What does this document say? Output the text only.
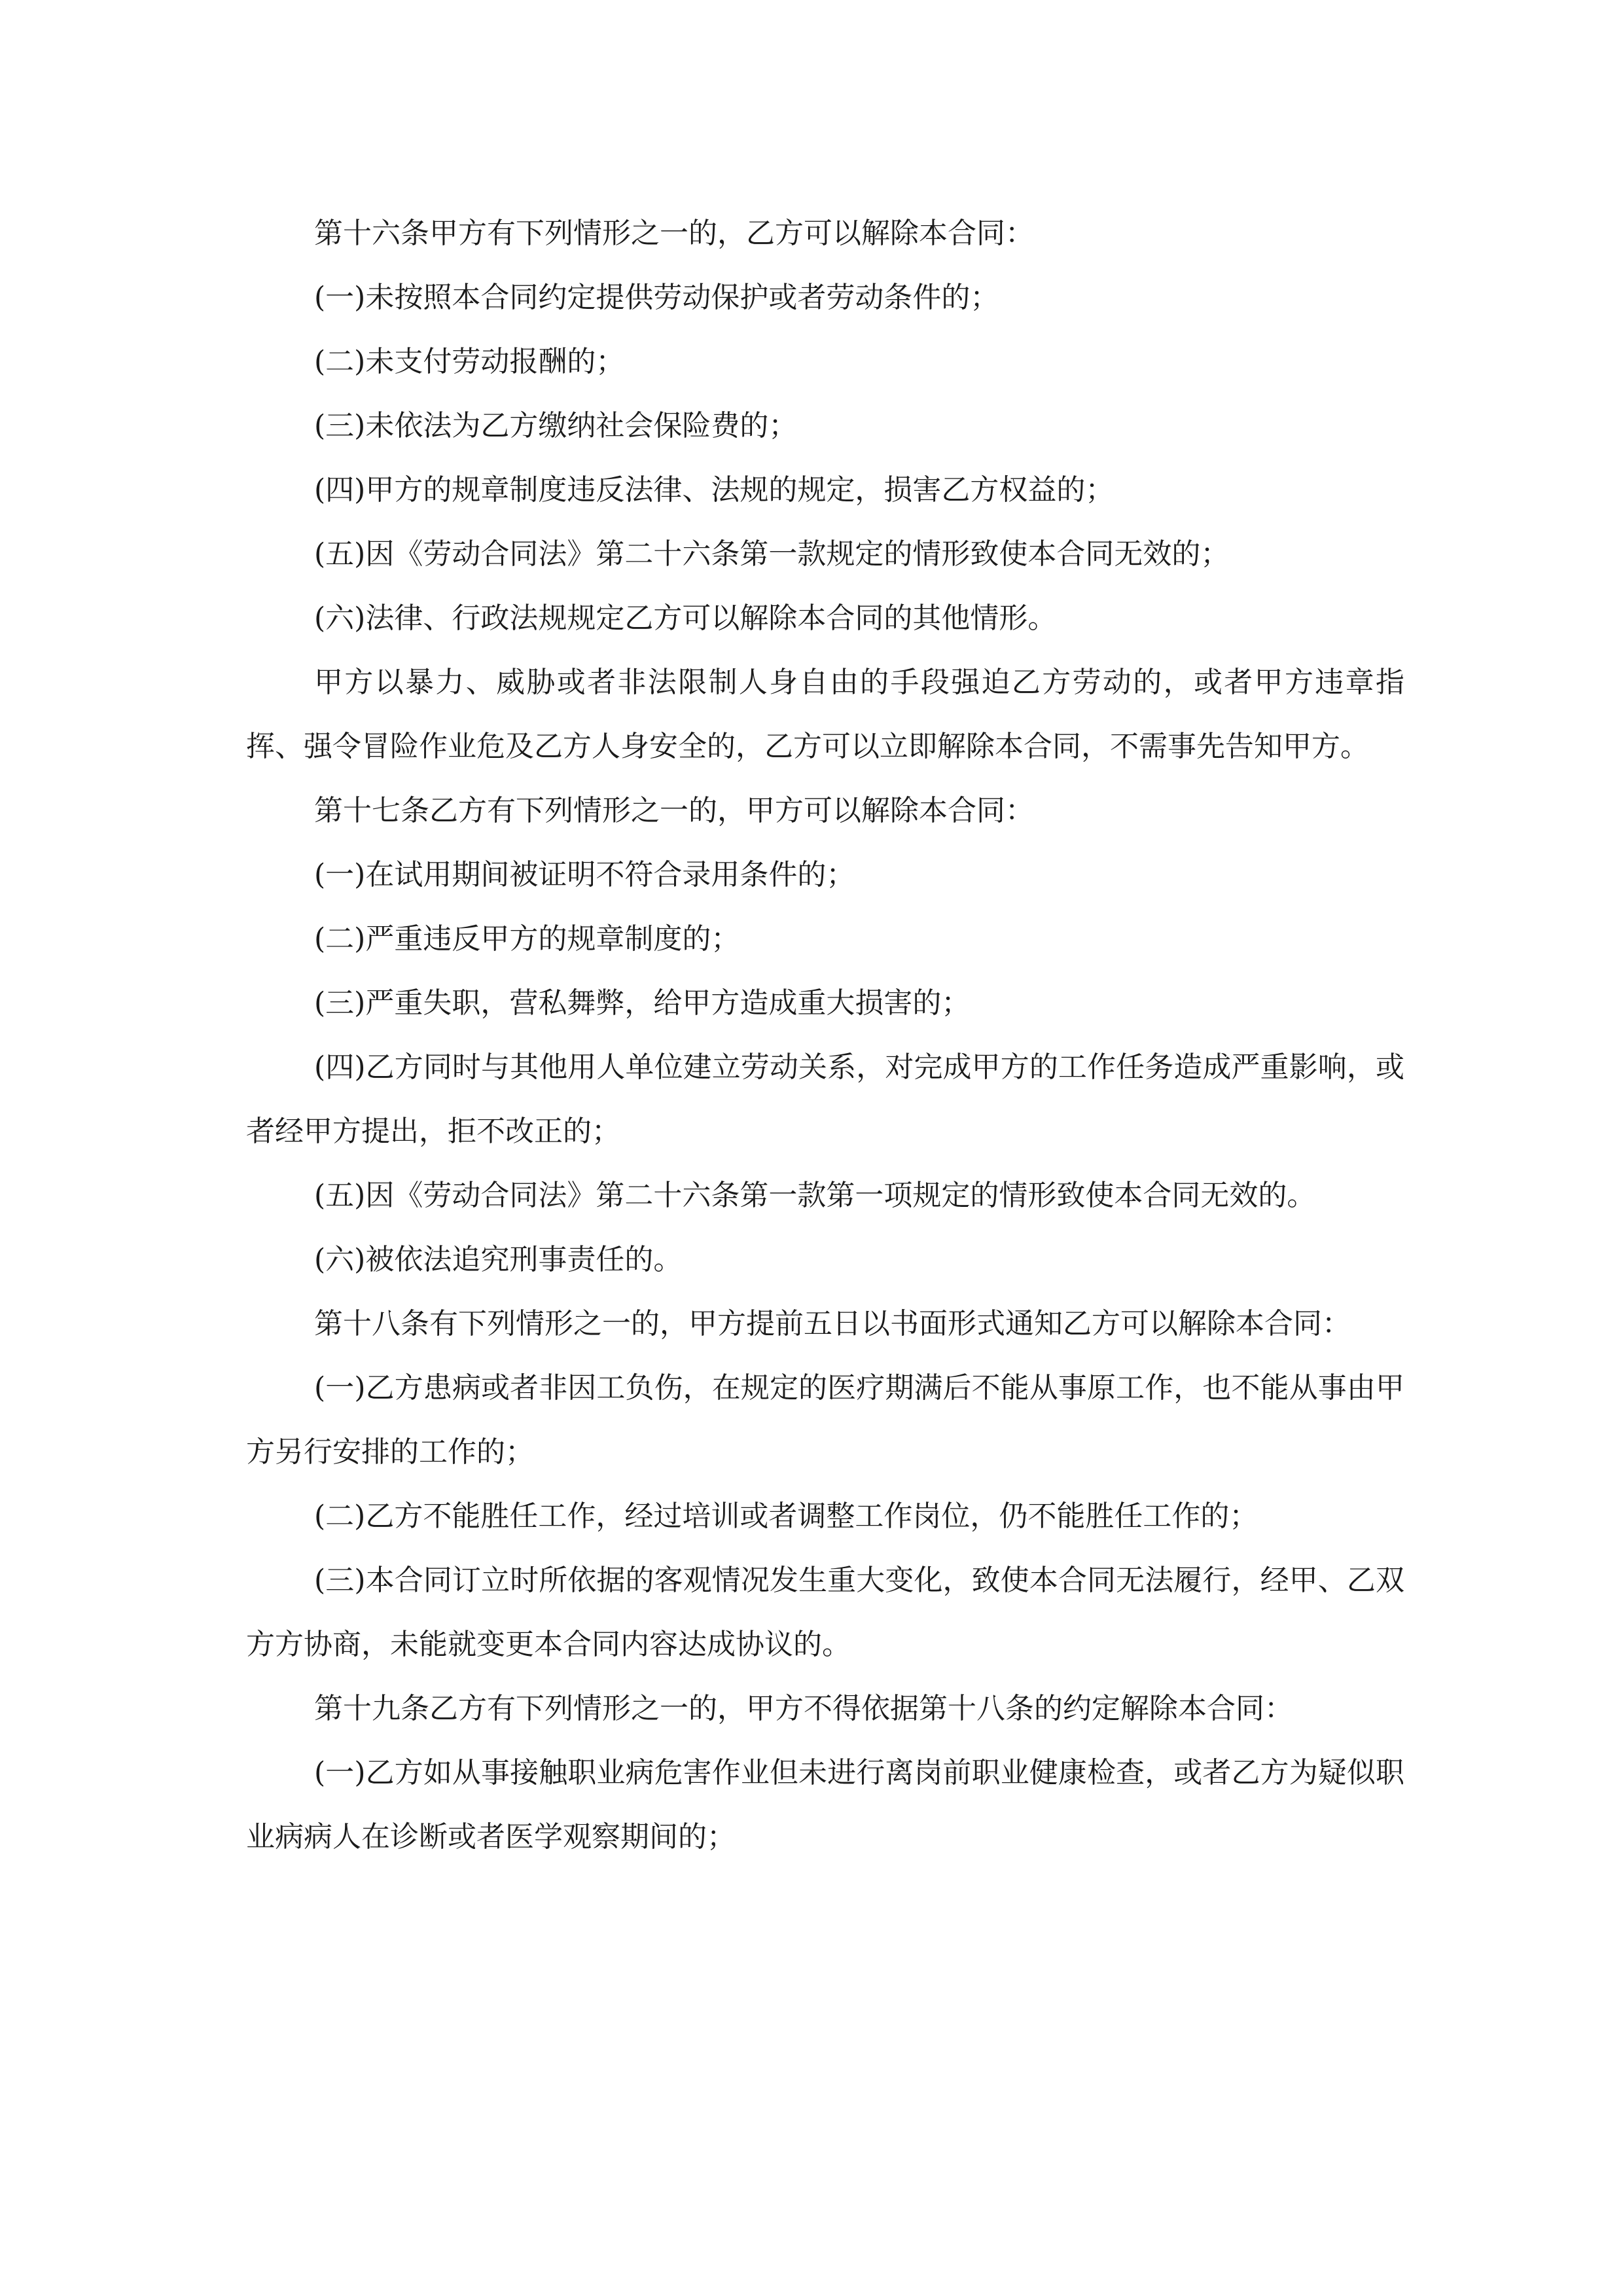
第十六条甲方有下列情形之一的，乙方可以解除本合同：

(一)未按照本合同约定提供劳动保护或者劳动条件的；

(二)未支付劳动报酬的；

(三)未依法为乙方缴纳社会保险费的；

(四)甲方的规章制度违反法律、法规的规定，损害乙方权益的；

(五)因《劳动合同法》第二十六条第一款规定的情形致使本合同无效的；

(六)法律、行政法规规定乙方可以解除本合同的其他情形。

甲方以暴力、威胁或者非法限制人身自由的手段强迫乙方劳动的，或者甲方违章指挥、强令冒险作业危及乙方人身安全的，乙方可以立即解除本合同，不需事先告知甲方。

第十七条乙方有下列情形之一的，甲方可以解除本合同：

(一)在试用期间被证明不符合录用条件的；

(二)严重违反甲方的规章制度的；

(三)严重失职，营私舞弊，给甲方造成重大损害的；

(四)乙方同时与其他用人单位建立劳动关系，对完成甲方的工作任务造成严重影响，或者经甲方提出，拒不改正的；

(五)因《劳动合同法》第二十六条第一款第一项规定的情形致使本合同无效的。

(六)被依法追究刑事责任的。

第十八条有下列情形之一的，甲方提前五日以书面形式通知乙方可以解除本合同：

(一)乙方患病或者非因工负伤，在规定的医疗期满后不能从事原工作，也不能从事由甲方另行安排的工作的；

(二)乙方不能胜任工作，经过培训或者调整工作岗位，仍不能胜任工作的；

(三)本合同订立时所依据的客观情况发生重大变化，致使本合同无法履行，经甲、乙双方方协商，未能就变更本合同内容达成协议的。

第十九条乙方有下列情形之一的，甲方不得依据第十八条的约定解除本合同：

(一)乙方如从事接触职业病危害作业但未进行离岗前职业健康检查，或者乙方为疑似职业病病人在诊断或者医学观察期间的；
